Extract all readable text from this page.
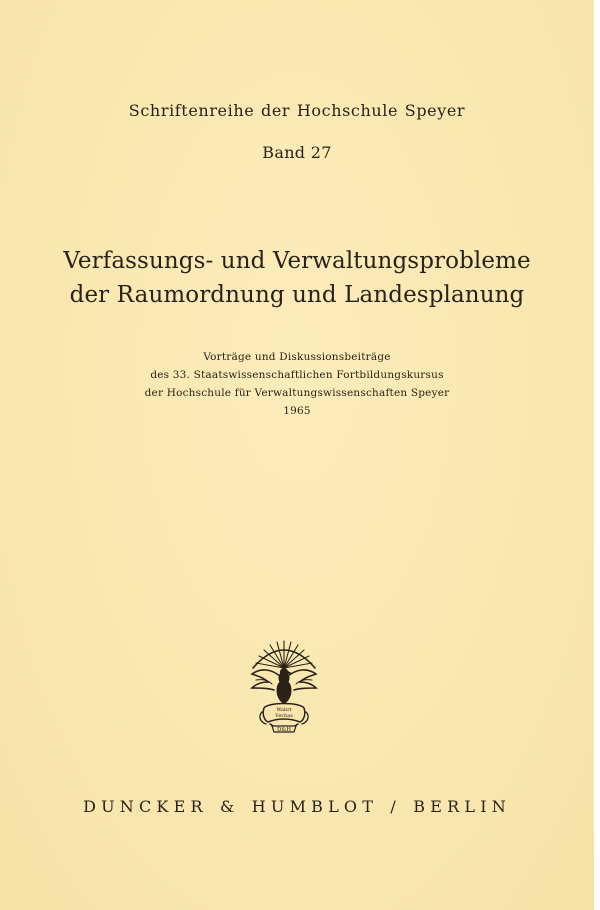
Schriftenreihe der Hochschule Speyer
Band 27
Verfassungs- und Verwaltungsprobleme
der Raumordnung und Landesplanung
Vorträge und Diskussionsbeiträge
des 33. Staatswissenschaftlichen Fortbildungskursus
der Hochschule für Verwaltungswissenschaften Speyer
1965
Wahrt
Veritas
D&H
DUNCKER & HUMBLOT / BERLIN
